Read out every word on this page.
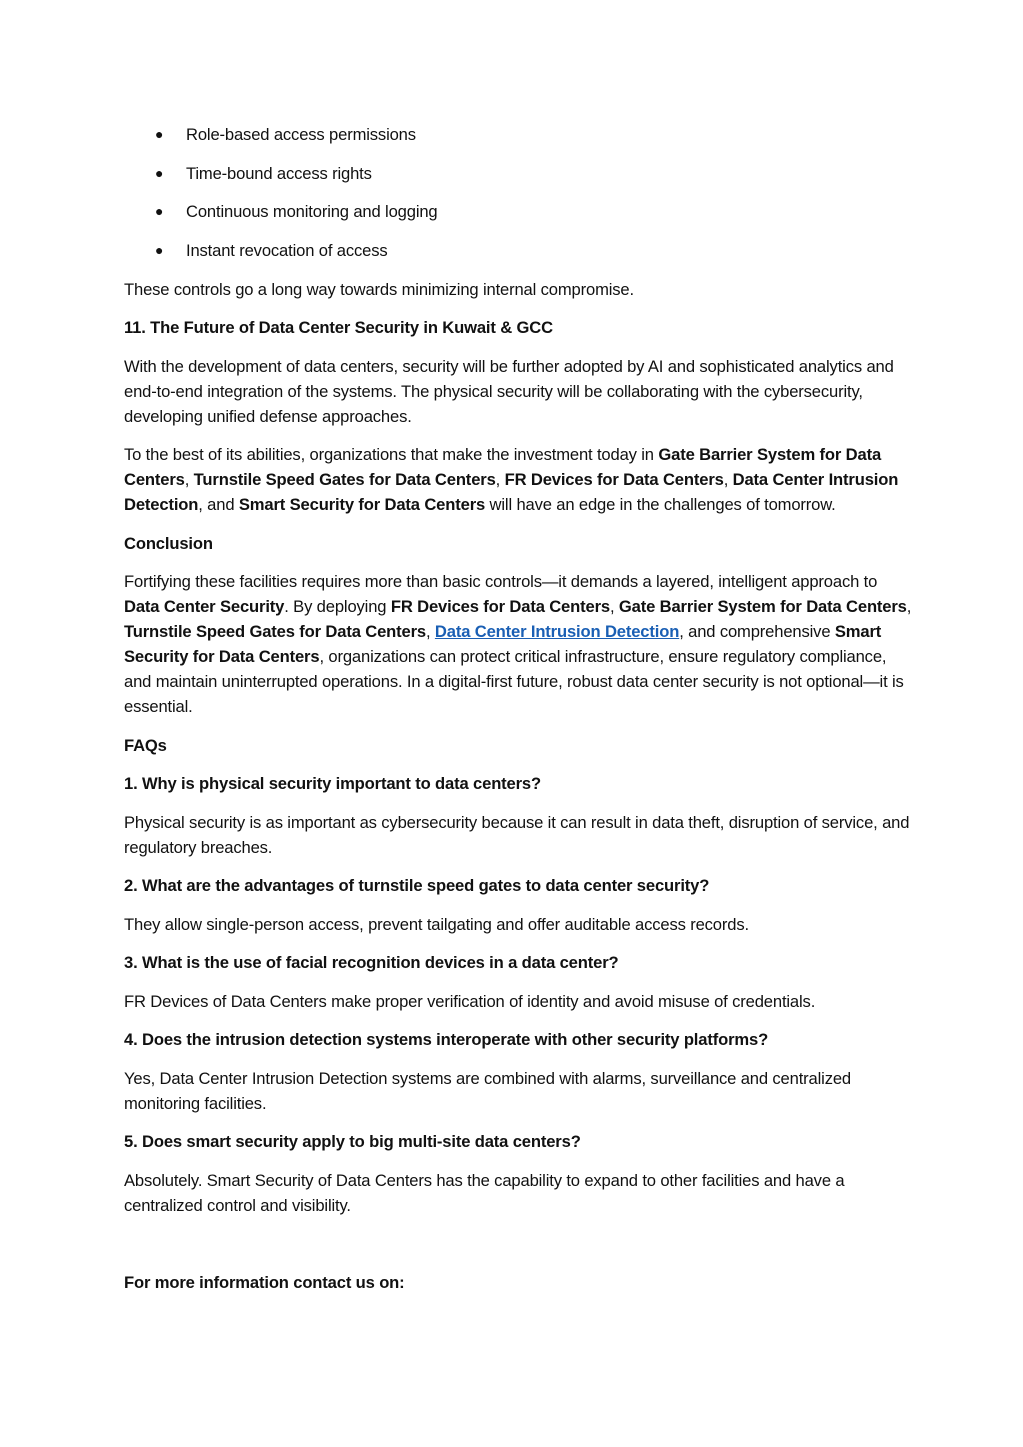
● Role-based access permissions
● Time-bound access rights
● Continuous monitoring and logging
● Instant revocation of access

These controls go a long way towards minimizing internal compromise.

11. The Future of Data Center Security in Kuwait & GCC

With the development of data centers, security will be further adopted by AI and sophisticated analytics and end-to-end integration of the systems. The physical security will be collaborating with the cybersecurity, developing unified defense approaches.

To the best of its abilities, organizations that make the investment today in Gate Barrier System for Data Centers, Turnstile Speed Gates for Data Centers, FR Devices for Data Centers, Data Center Intrusion Detection, and Smart Security for Data Centers will have an edge in the challenges of tomorrow.

Conclusion

Fortifying these facilities requires more than basic controls—it demands a layered, intelligent approach to Data Center Security. By deploying FR Devices for Data Centers, Gate Barrier System for Data Centers, Turnstile Speed Gates for Data Centers, Data Center Intrusion Detection, and comprehensive Smart Security for Data Centers, organizations can protect critical infrastructure, ensure regulatory compliance, and maintain uninterrupted operations. In a digital-first future, robust data center security is not optional—it is essential.

FAQs

1. Why is physical security important to data centers?

Physical security is as important as cybersecurity because it can result in data theft, disruption of service, and regulatory breaches.

2. What are the advantages of turnstile speed gates to data center security?

They allow single-person access, prevent tailgating and offer auditable access records.

3. What is the use of facial recognition devices in a data center?

FR Devices of Data Centers make proper verification of identity and avoid misuse of credentials.

4. Does the intrusion detection systems interoperate with other security platforms?

Yes, Data Center Intrusion Detection systems are combined with alarms, surveillance and centralized monitoring facilities.

5. Does smart security apply to big multi-site data centers?

Absolutely. Smart Security of Data Centers has the capability to expand to other facilities and have a centralized control and visibility.

For more information contact us on:
